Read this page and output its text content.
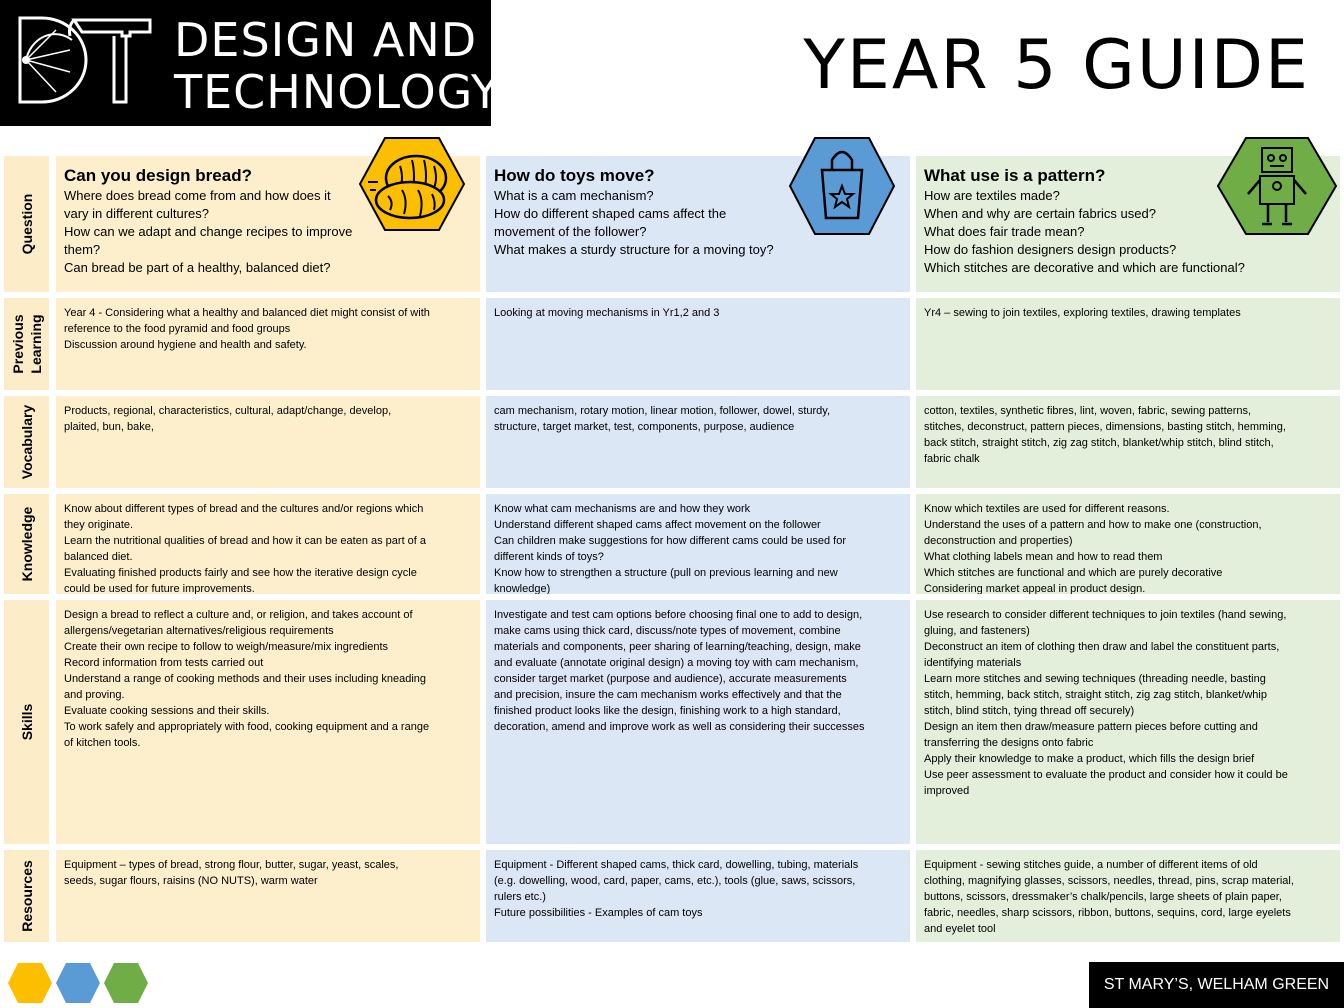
DESIGN AND
TECHNOLOGY	YEAR 5 GUIDE
Question
Previous Learning
Vocabulary
Knowledge
Skills
Resources
Can you design bread?
Where does bread come from and how does it
vary in different cultures?
How can we adapt and change recipes to improve
them?
Can bread be part of a healthy, balanced diet?
How do toys move?
What is a cam mechanism?
How do different shaped cams affect the
movement of the follower?
What makes a sturdy structure for a moving toy?
What use is a pattern?
How are textiles made?
When and why are certain fabrics used?
What does fair trade mean?
How do fashion designers design products?
Which stitches are decorative and which are functional?
Year 4 - Considering what a healthy and balanced diet might consist of with
reference to the food pyramid and food groups
Discussion around hygiene and health and safety.
Looking at moving mechanisms in Yr1,2 and 3	Yr4 – sewing to join textiles, exploring textiles, drawing templates
Products, regional, characteristics, cultural, adapt/change, develop,
plaited, bun, bake,
cam mechanism, rotary motion, linear motion, follower, dowel, sturdy,
structure, target market, test, components, purpose, audience
cotton, textiles, synthetic fibres, lint, woven, fabric, sewing patterns,
stitches, deconstruct, pattern pieces, dimensions, basting stitch, hemming,
back stitch, straight stitch, zig zag stitch, blanket/whip stitch, blind stitch,
fabric chalk
Know about different types of bread and the cultures and/or regions which
they originate.
Learn the nutritional qualities of bread and how it can be eaten as part of a
balanced diet.
Evaluating finished products fairly and see how the iterative design cycle
could be used for future improvements.
Know what cam mechanisms are and how they work
Understand different shaped cams affect movement on the follower
Can children make suggestions for how different cams could be used for
different kinds of toys?
Know how to strengthen a structure (pull on previous learning and new
knowledge)
Know which textiles are used for different reasons.
Understand the uses of a pattern and how to make one (construction,
deconstruction and properties)
What clothing labels mean and how to read them
Which stitches are functional and which are purely decorative
Considering market appeal in product design.
Design a bread to reflect a culture and, or religion, and takes account of
allergens/vegetarian alternatives/religious requirements
Create their own recipe to follow to weigh/measure/mix ingredients
Record information from tests carried out
Understand a range of cooking methods and their uses including kneading
and proving.
Evaluate cooking sessions and their skills.
To work safely and appropriately with food, cooking equipment and a range
of kitchen tools.
Investigate and test cam options before choosing final one to add to design,
make cams using thick card, discuss/note types of movement, combine
materials and components, peer sharing of learning/teaching, design, make
and evaluate (annotate original design) a moving toy with cam mechanism,
consider target market (purpose and audience), accurate measurements
and precision, insure the cam mechanism works effectively and that the
finished product looks like the design, finishing work to a high standard,
decoration, amend and improve work as well as considering their successes
Use research to consider different techniques to join textiles (hand sewing,
gluing, and fasteners)
Deconstruct an item of clothing then draw and label the constituent parts,
identifying materials
Learn more stitches and sewing techniques (threading needle, basting
stitch, hemming, back stitch, straight stitch, zig zag stitch, blanket/whip
stitch, blind stitch, tying thread off securely)
Design an item then draw/measure pattern pieces before cutting and
transferring the designs onto fabric
Apply their knowledge to make a product, which fills the design brief
Use peer assessment to evaluate the product and consider how it could be
improved
Equipment – types of bread, strong flour, butter, sugar, yeast, scales,
seeds, sugar flours, raisins (NO NUTS), warm water
Equipment - Different shaped cams, thick card, dowelling, tubing, materials
(e.g. dowelling, wood, card, paper, cams, etc.), tools (glue, saws, scissors,
rulers etc.)
Future possibilities - Examples of cam toys
Equipment - sewing stitches guide, a number of different items of old
clothing, magnifying glasses, scissors, needles, thread, pins, scrap material,
buttons, scissors, dressmaker’s chalk/pencils, large sheets of plain paper,
fabric, needles, sharp scissors, ribbon, buttons, sequins, cord, large eyelets
and eyelet tool
ST MARY’S, WELHAM GREEN
